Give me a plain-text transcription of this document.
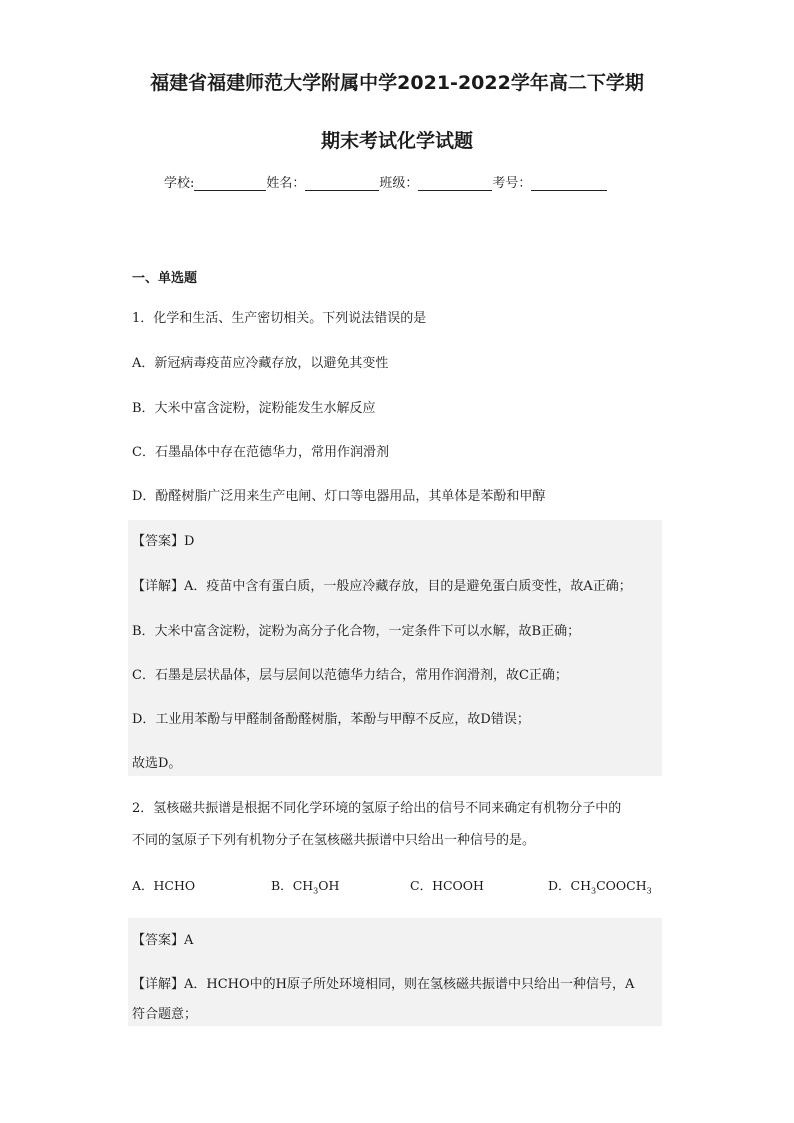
福建省福建师范大学附属中学2021-2022学年高二下学期
期末考试化学试题
学校:	姓名：	班级：	考号：
一、单选题
1．化学和生活、生产密切相关。下列说法错误的是
A．新冠病毒疫苗应冷藏存放，以避免其变性
B．大米中富含淀粉，淀粉能发生水解反应
C．石墨晶体中存在范德华力，常用作润滑剂
D．酚醛树脂广泛用来生产电闸、灯口等电器用品，其单体是苯酚和甲醇
【答案】D
【详解】A．疫苗中含有蛋白质，一般应冷藏存放，目的是避免蛋白质变性，故A正确；
B．大米中富含淀粉，淀粉为高分子化合物，一定条件下可以水解，故B正确；
C．石墨是层状晶体，层与层间以范德华力结合，常用作润滑剂，故C正确；
D．工业用苯酚与甲醛制备酚醛树脂，苯酚与甲醇不反应，故D错误；
故选D。
2．氢核磁共振谱是根据不同化学环境的氢原子给出的信号不同来确定有机物分子中的
不同的氢原子下列有机物分子在氢核磁共振谱中只给出一种信号的是。
A．HCHO	B．$CH_3OH$	C．HCOOH	D．$CH_3COOCH_3$
【答案】A
【详解】A．HCHO中的H原子所处环境相同，则在氢核磁共振谱中只给出一种信号，A
符合题意；
